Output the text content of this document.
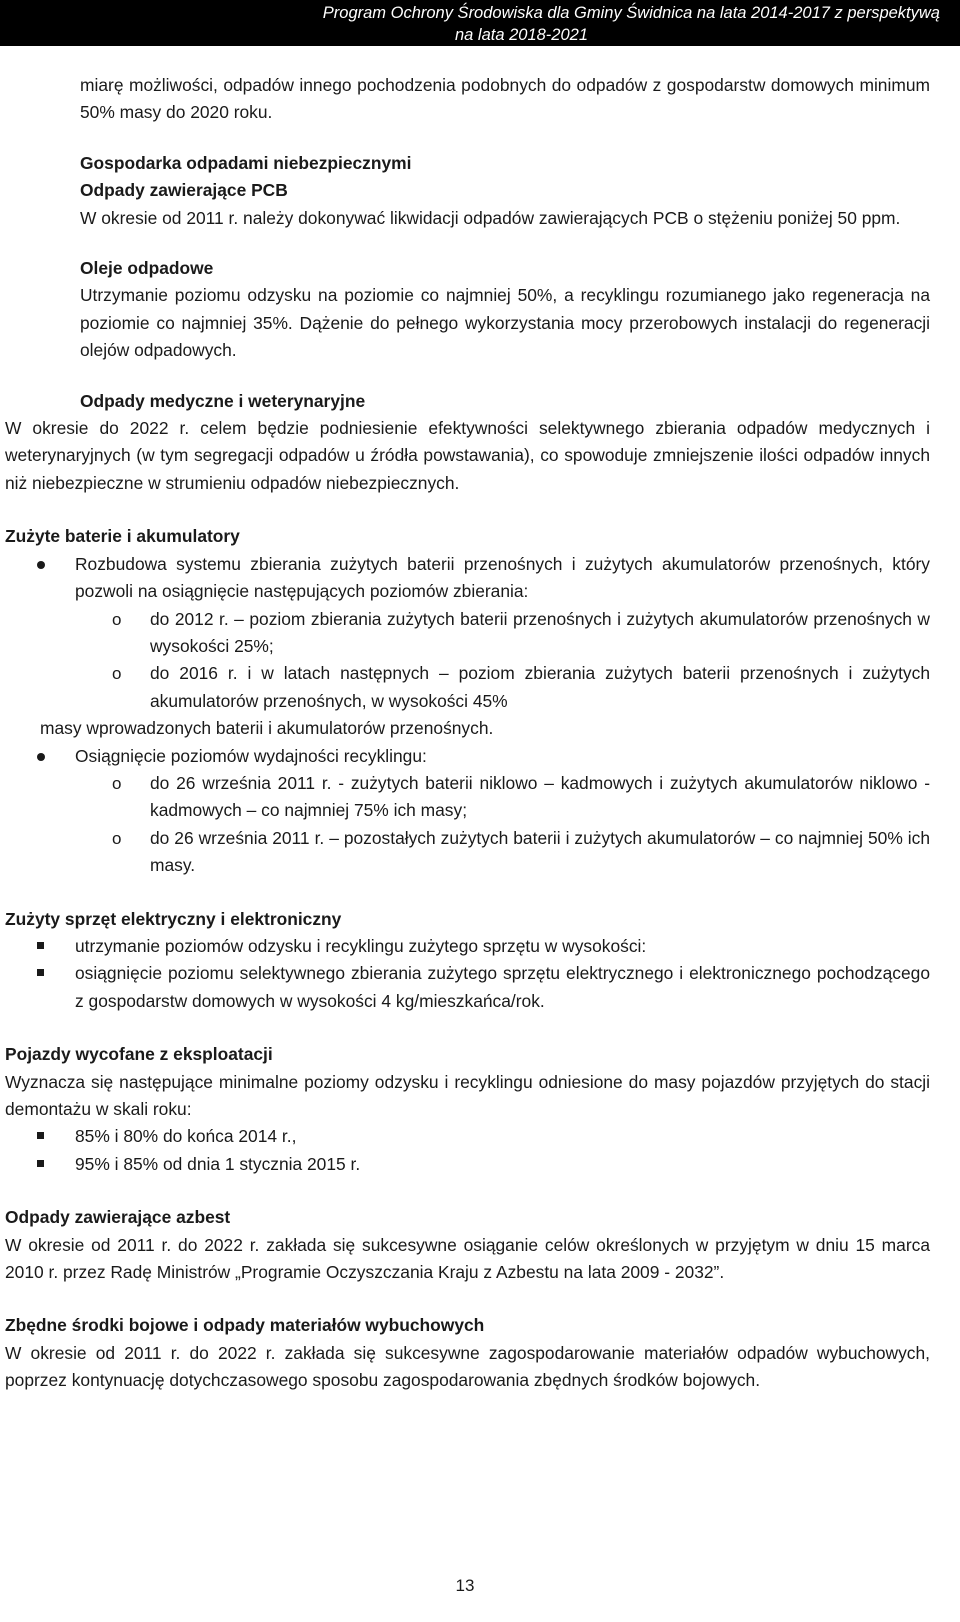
Program Ochrony Środowiska dla Gminy Świdnica na lata 2014-2017 z perspektywą
na lata 2018-2021
miarę możliwości, odpadów innego pochodzenia podobnych do odpadów z gospodarstw domowych minimum 50% masy do 2020 roku.
Gospodarka odpadami niebezpiecznymi
Odpady zawierające PCB
W okresie od 2011 r. należy dokonywać likwidacji odpadów zawierających PCB o stężeniu poniżej 50 ppm.
Oleje odpadowe
Utrzymanie poziomu odzysku na poziomie co najmniej 50%, a recyklingu rozumianego jako regeneracja na poziomie co najmniej 35%. Dążenie do pełnego wykorzystania mocy przerobowych instalacji do regeneracji olejów odpadowych.
Odpady medyczne i weterynaryjne
W okresie do 2022 r. celem będzie podniesienie efektywności selektywnego zbierania odpadów medycznych i weterynaryjnych (w tym segregacji odpadów u źródła powstawania), co spowoduje zmniejszenie ilości odpadów innych niż niebezpieczne w strumieniu odpadów niebezpiecznych.
Zużyte baterie i akumulatory
Rozbudowa systemu zbierania zużytych baterii przenośnych i zużytych akumulatorów przenośnych, który pozwoli na osiągnięcie następujących poziomów zbierania:
o do 2012 r. – poziom zbierania zużytych baterii przenośnych i zużytych akumulatorów przenośnych w wysokości 25%;
o do 2016 r. i w latach następnych – poziom zbierania zużytych baterii przenośnych i zużytych akumulatorów przenośnych, w wysokości 45%
masy wprowadzonych baterii i akumulatorów przenośnych.
Osiągnięcie poziomów wydajności recyklingu:
o do 26 września 2011 r. - zużytych baterii niklowo – kadmowych i zużytych akumulatorów niklowo - kadmowych – co najmniej 75% ich masy;
o do 26 września 2011 r. – pozostałych zużytych baterii i zużytych akumulatorów – co najmniej 50% ich masy.
Zużyty sprzęt elektryczny i elektroniczny
utrzymanie poziomów odzysku i recyklingu zużytego sprzętu w wysokości:
osiągnięcie poziomu selektywnego zbierania zużytego sprzętu elektrycznego i elektronicznego pochodzącego z gospodarstw domowych w wysokości 4 kg/mieszkańca/rok.
Pojazdy wycofane z eksploatacji
Wyznacza się następujące minimalne poziomy odzysku i recyklingu odniesione do masy pojazdów przyjętych do stacji demontażu w skali roku:
85% i 80% do końca 2014 r.,
95% i 85% od dnia 1 stycznia 2015 r.
Odpady zawierające azbest
W okresie od 2011 r. do 2022 r. zakłada się sukcesywne osiąganie celów określonych w przyjętym w dniu 15 marca 2010 r. przez Radę Ministrów „Programie Oczyszczania Kraju z Azbestu na lata 2009 - 2032”.
Zbędne środki bojowe i odpady materiałów wybuchowych
W okresie od 2011 r. do 2022 r. zakłada się sukcesywne zagospodarowanie materiałów odpadów wybuchowych, poprzez kontynuację dotychczasowego sposobu zagospodarowania zbędnych środków bojowych.
13
